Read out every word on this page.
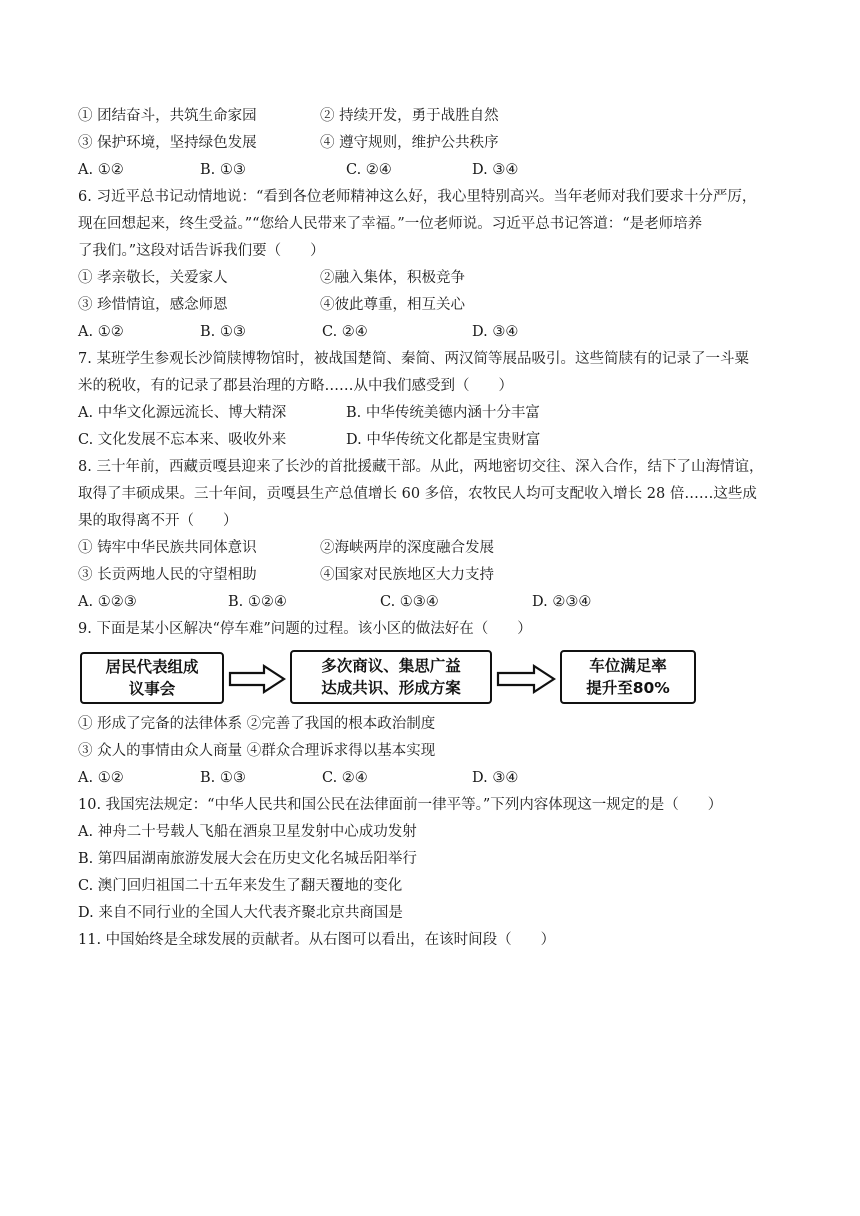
① 团结奋斗，共筑生命家园	② 持续开发，勇于战胜自然
③ 保护环境，坚持绿色发展	④ 遵守规则，维护公共秩序
A. ①②	B. ①③	C. ②④	D. ③④
6. 习近平总书记动情地说：“看到各位老师精神这么好，我心里特别高兴。当年老师对我们要求十分严厉，
现在回想起来，终生受益。”“您给人民带来了幸福。”一位老师说。习近平总书记答道：“是老师培养
了我们。”这段对话告诉我们要（　　）
① 孝亲敬长，关爱家人	②融入集体，积极竞争
③ 珍惜情谊，感念师恩	④彼此尊重，相互关心
A. ①②	B. ①③	C. ②④	D. ③④
7. 某班学生参观长沙简牍博物馆时，被战国楚简、秦简、两汉简等展品吸引。这些简牍有的记录了一斗粟
米的税收，有的记录了郡县治理的方略……从中我们感受到（　　）
A. 中华文化源远流长、博大精深	B. 中华传统美德内涵十分丰富
C. 文化发展不忘本来、吸收外来	D. 中华传统文化都是宝贵财富
8. 三十年前，西藏贡嘎县迎来了长沙的首批援藏干部。从此，两地密切交往、深入合作，结下了山海情谊，
取得了丰硕成果。三十年间，贡嘎县生产总值增长 60 多倍，农牧民人均可支配收入增长 28 倍……这些成
果的取得离不开（　　）
① 铸牢中华民族共同体意识	②海峡两岸的深度融合发展
③ 长贡两地人民的守望相助	④国家对民族地区大力支持
A. ①②③	B. ①②④	C. ①③④	D. ②③④
9. 下面是某小区解决“停车难”问题的过程。该小区的做法好在（　　）
居民代表组成
议事会
多次商议、集思广益
达成共识、形成方案
车位满足率
提升至80%
① 形成了完备的法律体系 ②完善了我国的根本政治制度
③ 众人的事情由众人商量 ④群众合理诉求得以基本实现
A. ①②	B. ①③	C. ②④	D. ③④
10. 我国宪法规定：“中华人民共和国公民在法律面前一律平等。”下列内容体现这一规定的是（　　）
A. 神舟二十号载人飞船在酒泉卫星发射中心成功发射
B. 第四届湖南旅游发展大会在历史文化名城岳阳举行
C. 澳门回归祖国二十五年来发生了翻天覆地的变化
D. 来自不同行业的全国人大代表齐聚北京共商国是
11. 中国始终是全球发展的贡献者。从右图可以看出，在该时间段（　　）
